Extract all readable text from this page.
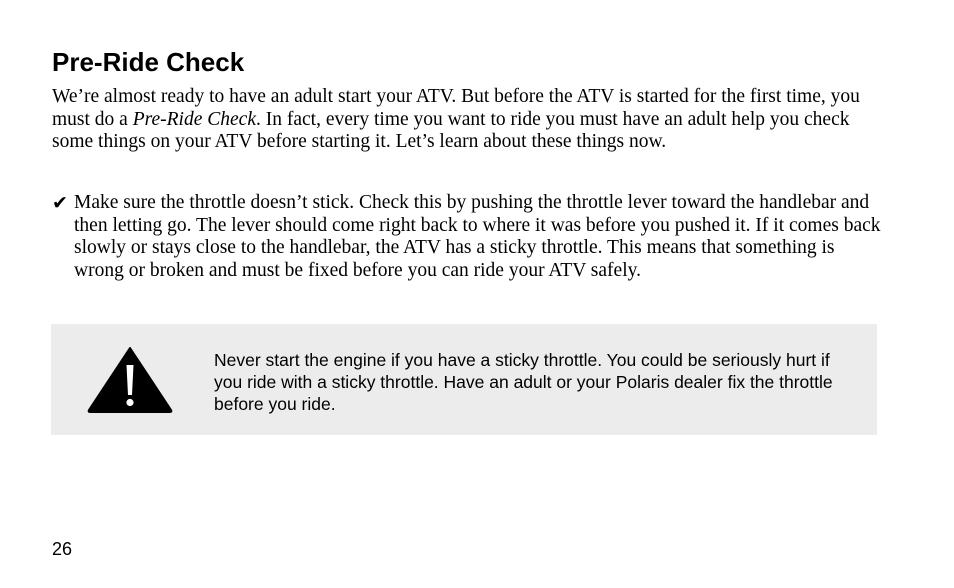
Pre-Ride Check

We’re almost ready to have an adult start your ATV. But before the ATV is started for the first time, you must do a Pre-Ride Check. In fact, every time you want to ride you must have an adult help you check some things on your ATV before starting it. Let’s learn about these things now.

✔ Make sure the throttle doesn’t stick. Check this by pushing the throttle lever toward the handlebar and then letting go. The lever should come right back to where it was before you pushed it. If it comes back slowly or stays close to the handlebar, the ATV has a sticky throttle. This means that something is wrong or broken and must be fixed before you can ride your ATV safely.

Never start the engine if you have a sticky throttle. You could be seriously hurt if you ride with a sticky throttle. Have an adult or your Polaris dealer fix the throttle before you ride.

26
